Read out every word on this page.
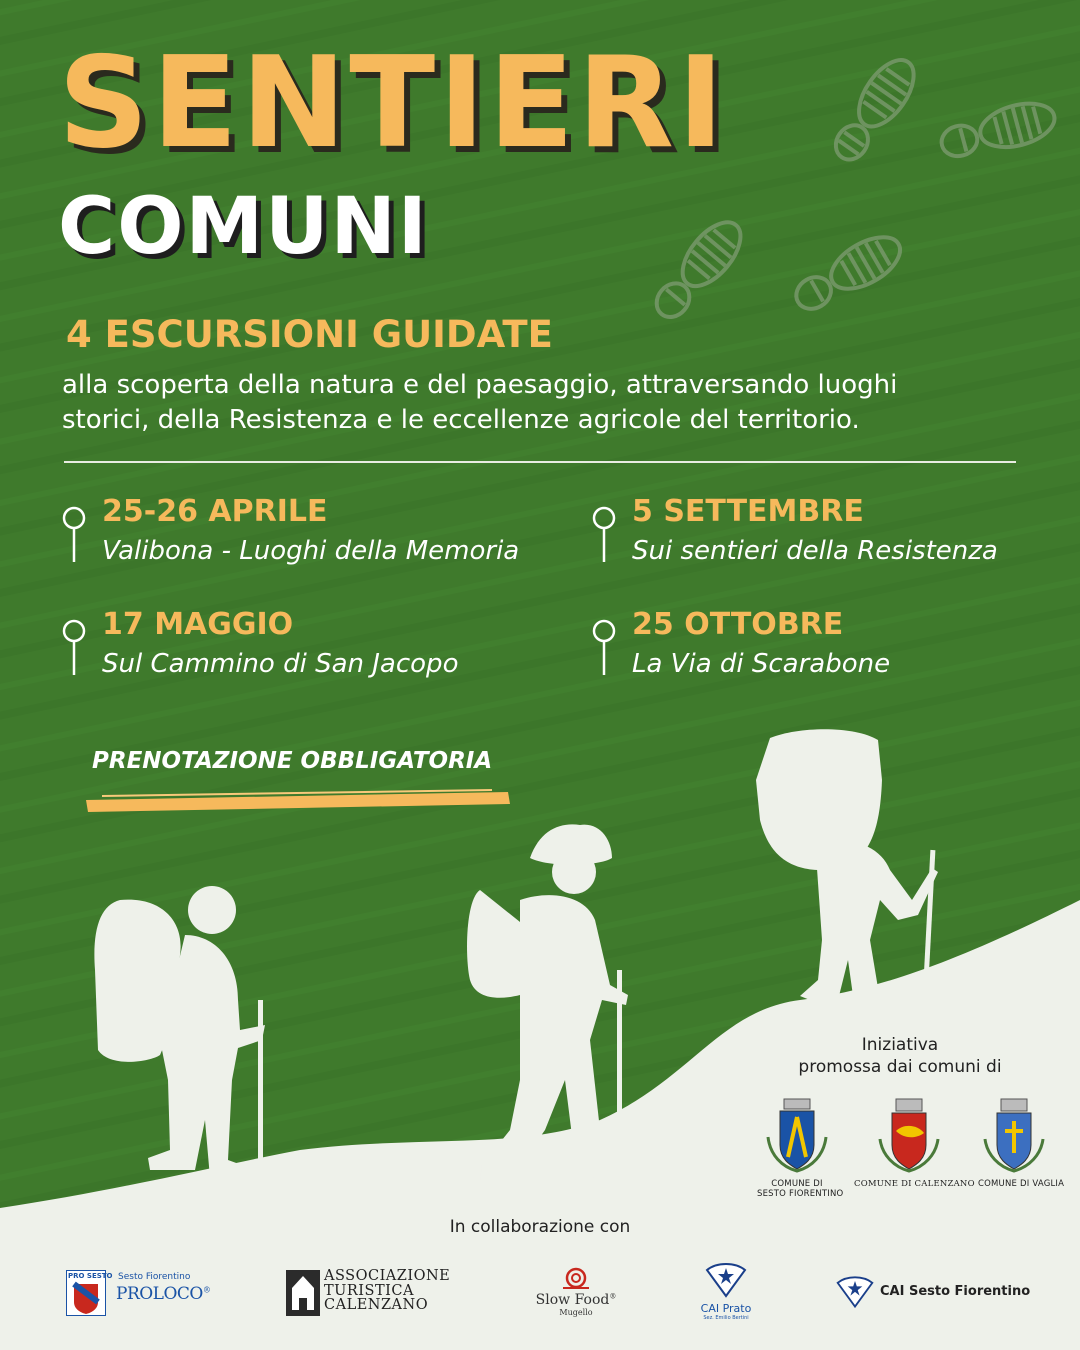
SENTIERI
COMUNI
4 ESCURSIONI GUIDATE
alla scoperta della natura e del paesaggio, attraversando luoghi
storici, della Resistenza e le eccellenze agricole del territorio.
25-26 APRILE
Valibona - Luoghi della Memoria
5 SETTEMBRE
Sui sentieri della Resistenza
17 MAGGIO
Sul Cammino di San Jacopo
25 OTTOBRE
La Via di Scarabone
PRENOTAZIONE OBBLIGATORIA
Iniziativa
promossa dai comuni di
COMUNE DI
SESTO FIORENTINO
COMUNE DI CALENZANO COMUNE DI VAGLIA
In collaborazione con
PRO SESTO Sesto Fiorentino
PROLOCO®
ASSOCIAZIONE
TURISTICA
CALENZANO	Slow Food®
Mugello	CAI Prato
Sez. Emilio Bertini
CAI Sesto Fiorentino
